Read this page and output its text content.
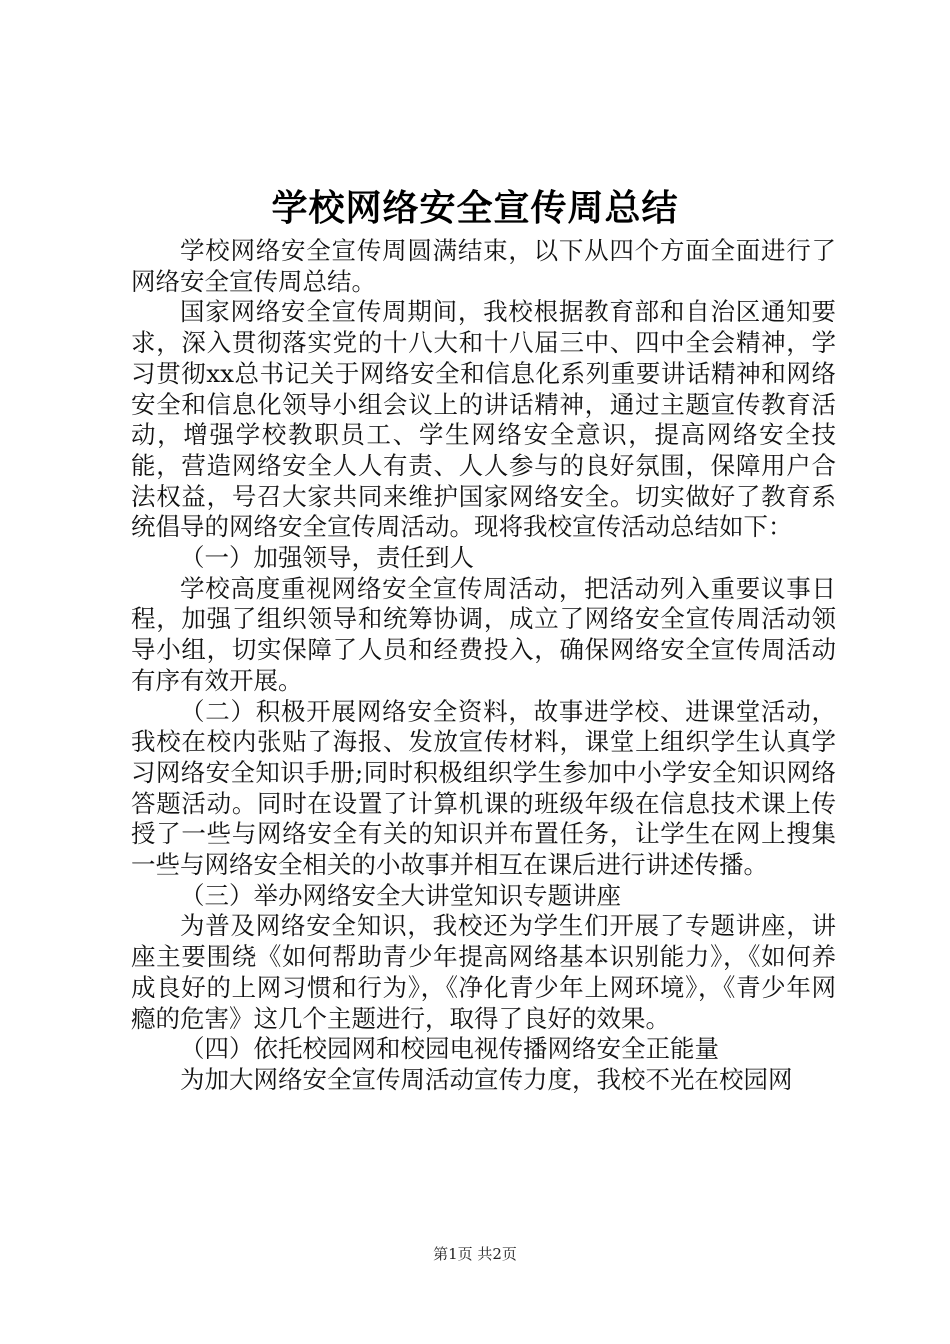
学校网络安全宣传周总结

学校网络安全宣传周圆满结束，以下从四个方面全面进行了网络安全宣传周总结。

国家网络安全宣传周期间，我校根据教育部和自治区通知要求，深入贯彻落实党的十八大和十八届三中、四中全会精神，学习贯彻xx总书记关于网络安全和信息化系列重要讲话精神和网络安全和信息化领导小组会议上的讲话精神，通过主题宣传教育活动，增强学校教职员工、学生网络安全意识，提高网络安全技能，营造网络安全人人有责、人人参与的良好氛围，保障用户合法权益，号召大家共同来维护国家网络安全。切实做好了教育系统倡导的网络安全宣传周活动。现将我校宣传活动总结如下：

（一）加强领导，责任到人

学校高度重视网络安全宣传周活动，把活动列入重要议事日程，加强了组织领导和统筹协调，成立了网络安全宣传周活动领导小组，切实保障了人员和经费投入，确保网络安全宣传周活动有序有效开展。

（二）积极开展网络安全资料，故事进学校、进课堂活动，我校在校内张贴了海报、发放宣传材料，课堂上组织学生认真学习网络安全知识手册;同时积极组织学生参加中小学安全知识网络答题活动。同时在设置了计算机课的班级年级在信息技术课上传授了一些与网络安全有关的知识并布置任务，让学生在网上搜集一些与网络安全相关的小故事并相互在课后进行讲述传播。

（三）举办网络安全大讲堂知识专题讲座

为普及网络安全知识，我校还为学生们开展了专题讲座，讲座主要围绕《如何帮助青少年提高网络基本识别能力》，《如何养成良好的上网习惯和行为》，《净化青少年上网环境》，《青少年网瘾的危害》这几个主题进行，取得了良好的效果。

（四）依托校园网和校园电视传播网络安全正能量

为加大网络安全宣传周活动宣传力度，我校不光在校园网

第1页 共2页
